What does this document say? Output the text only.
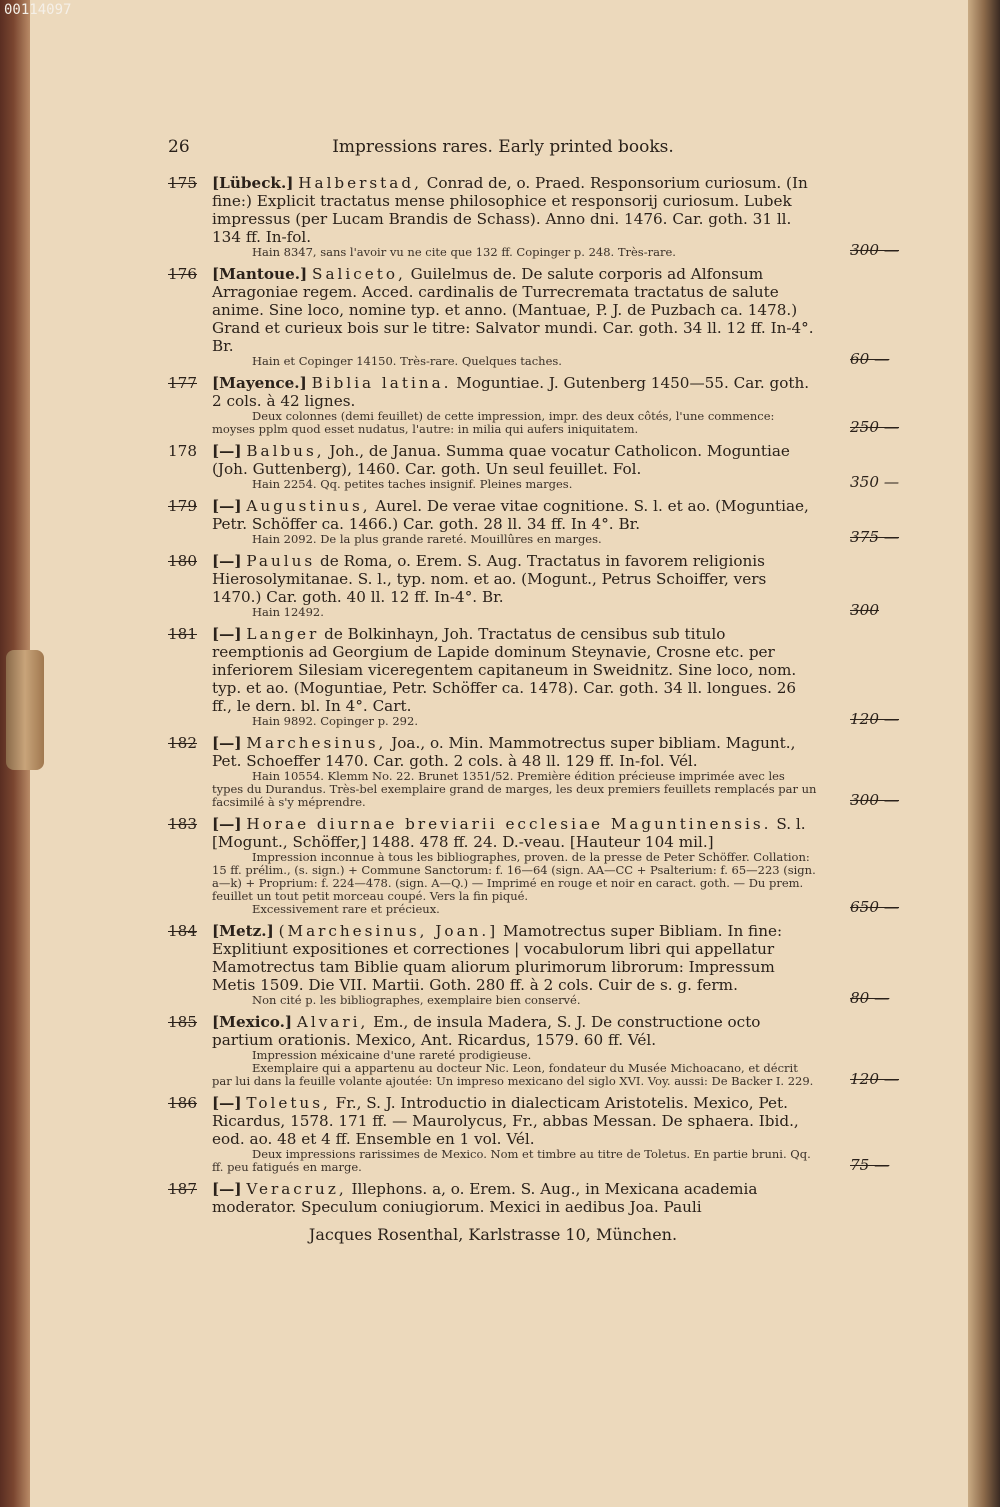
00114097
26	Impressions rares. Early printed books.
175 [Lübeck.] Halberstad, Conrad de, o. Praed. Responsorium curiosum. (In fine:) Explicit tractatus mense philosophice et responsorij curiosum. Lubek impressus (per Lucam Brandis de Schass). Anno dni. 1476. Car. goth. 31 ll. 134 ff. In-fol.
300 —
Hain 8347, sans l'avoir vu ne cite que 132 ff. Copinger p. 248. Très-rare.
176 [Mantoue.] Saliceto, Guilelmus de. De salute corporis ad Alfonsum Arragoniae regem. Acced. cardinalis de Turrecremata tractatus de salute anime. Sine loco, nomine typ. et anno. (Mantuae, P. J. de Puzbach ca. 1478.) Grand et curieux bois sur le titre: Salvator mundi. Car. goth. 34 ll. 12 ff. In-4°. Br.
60 —
Hain et Copinger 14150. Très-rare. Quelques taches.
177 [Mayence.] Biblia latina. Moguntiae. J. Gutenberg 1450—55. Car. goth. 2 cols. à 42 lignes.
250 —
Deux colonnes (demi feuillet) de cette impression, impr. des deux côtés, l'une commence: moyses pplm quod esset nudatus, l'autre: in milia qui aufers iniquitatem.
178 [—] Balbus, Joh., de Janua. Summa quae vocatur Catholicon. Moguntiae (Joh. Guttenberg), 1460. Car. goth. Un seul feuillet. Fol.
350 —
Hain 2254. Qq. petites taches insignif. Pleines marges.
179 [—] Augustinus, Aurel. De verae vitae cognitione. S. l. et ao. (Moguntiae, Petr. Schöffer ca. 1466.) Car. goth. 28 ll. 34 ff. In 4°. Br.
375 —
Hain 2092. De la plus grande rareté. Mouillûres en marges.
180 [—] Paulus de Roma, o. Erem. S. Aug. Tractatus in favorem religionis Hierosolymitanae. S. l., typ. nom. et ao. (Mogunt., Petrus Schoiffer, vers 1470.) Car. goth. 40 ll. 12 ff. In-4°. Br.
300
Hain 12492.
181 [—] Langer de Bolkinhayn, Joh. Tractatus de censibus sub titulo reemptionis ad Georgium de Lapide dominum Steynavie, Crosne etc. per inferiorem Silesiam viceregentem capitaneum in Sweidnitz. Sine loco, nom. typ. et ao. (Moguntiae, Petr. Schöffer ca. 1478). Car. goth. 34 ll. longues. 26 ff., le dern. bl. In 4°. Cart.
120 —
Hain 9892. Copinger p. 292.
182 [—] Marchesinus, Joa., o. Min. Mammotrectus super bibliam. Magunt., Pet. Schoeffer 1470. Car. goth. 2 cols. à 48 ll. 129 ff. In-fol. Vél.
300 —
Hain 10554. Klemm No. 22. Brunet 1351/52. Première édition précieuse imprimée avec les types du Durandus. Très-bel exemplaire grand de marges, les deux premiers feuillets remplacés par un facsimilé à s'y méprendre.
183 [—] Horae diurnae breviarii ecclesiae Maguntinensis. S. l. [Mogunt., Schöffer,] 1488. 478 ff. 24. D.-veau. [Hauteur 104 mil.]
650 —
Impression inconnue à tous les bibliographes, proven. de la presse de Peter Schöffer. Collation: 15 ff. prélim., (s. sign.) + Commune Sanctorum: f. 16—64 (sign. AA—CC + Psalterium: f. 65—223 (sign. a—k) + Proprium: f. 224—478. (sign. A—Q.) — Imprimé en rouge et noir en caract. goth. — Du prem. feuillet un tout petit morceau coupé. Vers la fin piqué.
Excessivement rare et précieux.
184 [Metz.] (Marchesinus, Joan.] Mamotrectus super Bibliam. In fine: Explitiunt expositiones et correctiones | vocabulorum libri qui appellatur Mamotrectus tam Biblie quam aliorum plurimorum librorum: Impressum Metis 1509. Die VII. Martii. Goth. 280 ff. à 2 cols. Cuir de s. g. ferm.
80 —
Non cité p. les bibliographes, exemplaire bien conservé.
185 [Mexico.] Alvari, Em., de insula Madera, S. J. De constructione octo partium orationis. Mexico, Ant. Ricardus, 1579. 60 ff. Vél.
120 —
Impression méxicaine d'une rareté prodigieuse.
Exemplaire qui a appartenu au docteur Nic. Leon, fondateur du Musée Michoacano, et décrit par lui dans la feuille volante ajoutée: Un impreso mexicano del siglo XVI. Voy. aussi: De Backer I. 229.
186 [—] Toletus, Fr., S. J. Introductio in dialecticam Aristotelis. Mexico, Pet. Ricardus, 1578. 171 ff. — Maurolycus, Fr., abbas Messan. De sphaera. Ibid., eod. ao. 48 et 4 ff. Ensemble en 1 vol. Vél.
75 —
Deux impressions rarissimes de Mexico. Nom et timbre au titre de Toletus. En partie bruni. Qq. ff. peu fatigués en marge.
187 [—] Veracruz, Illephons. a, o. Erem. S. Aug., in Mexicana academia moderator. Speculum coniugiorum. Mexici in aedibus Joa. Pauli
Jacques Rosenthal, Karlstrasse 10, München.
